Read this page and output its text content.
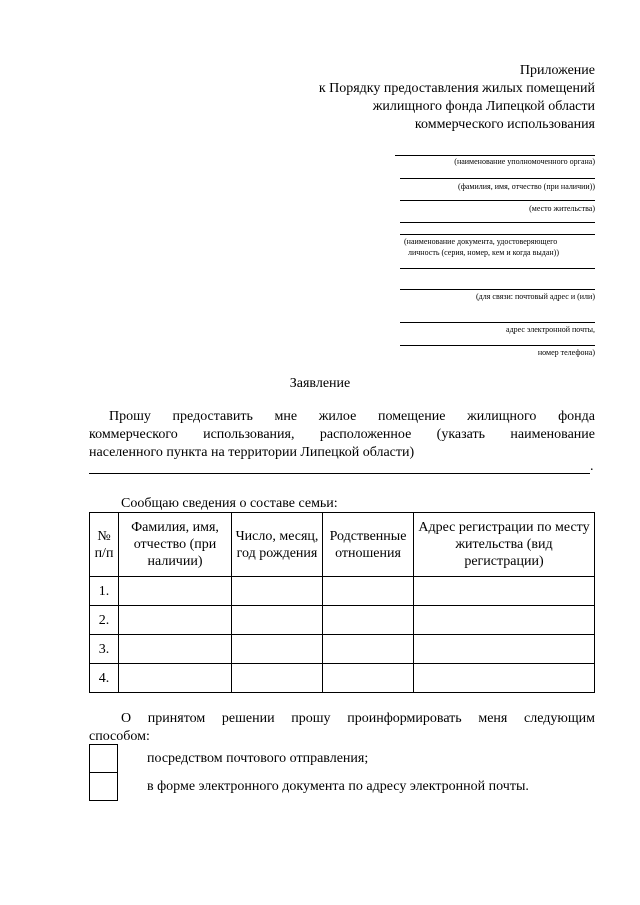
Приложение
к Порядку предоставления жилых помещений
жилищного фонда Липецкой области
коммерческого использования
(наименование уполномоченного органа)
(фамилия, имя, отчество (при наличии))
(место жительства)
(наименование документа, удостоверяющего
личность (серия, номер, кем и когда выдан))
(для связи: почтовый адрес и (или)
адрес электронной почты,
номер телефона)
Заявление
Прошу предоставить мне жилое помещение жилищного фонда
коммерческого использования, расположенное (указать наименование
населенного пункта на территории Липецкой области)
.
Сообщаю сведения о составе семьи:
№ п/п	Фамилия, имя, отчество (при наличии)	Число, месяц, год рождения	Родственные отношения	Адрес регистрации по месту жительства (вид регистрации)
1.				
2.				
3.				
4.				
О принятом решении прошу проинформировать меня следующим
способом:
посредством почтового отправления;
в форме электронного документа по адресу электронной почты.
